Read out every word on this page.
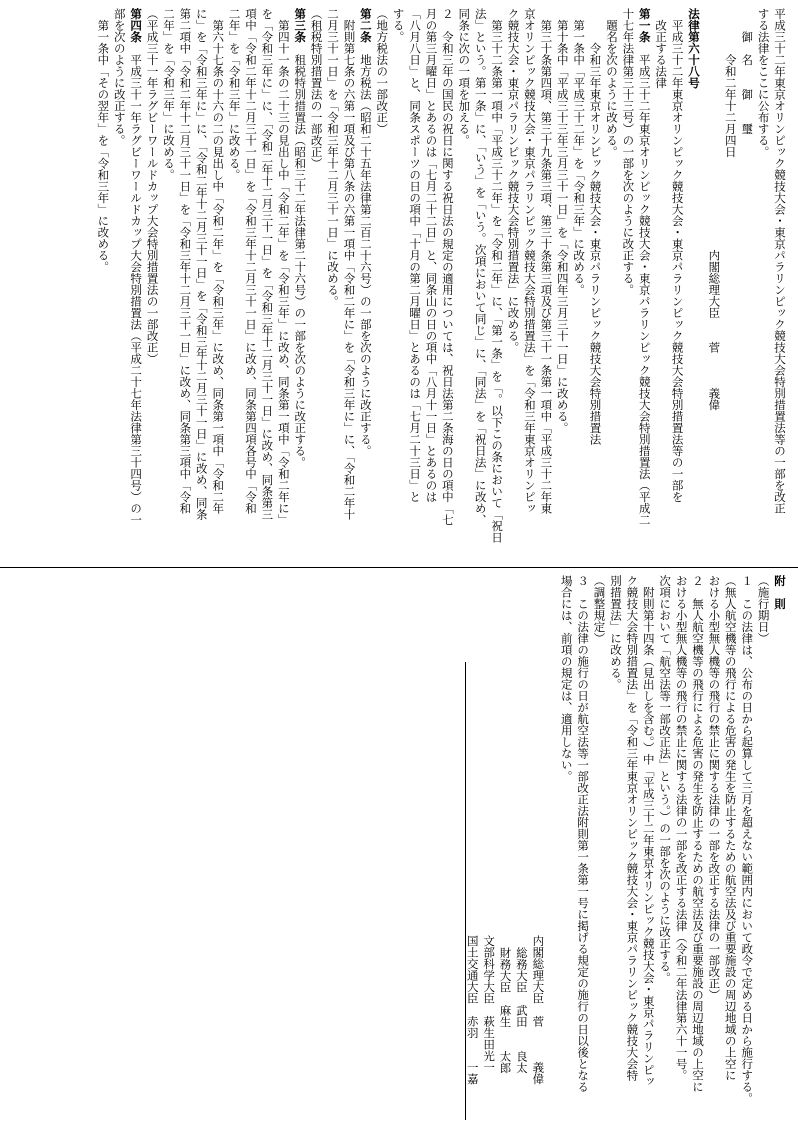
平成三十二年東京オリンピック競技大会・東京パラリンピック競技大会特別措置法等の一部を改正
する法律をここに公布する。
　　御　名　　御　　璽
　　　　令和二年十二月四日
　　　　　　　　　　　　　　　　　　　　　内閣総理大臣　　菅　　　義偉
法律第六十八号
　平成三十二年東京オリンピック競技大会・東京パラリンピック競技大会特別措置法等の一部を
　改正する法律
第一条　平成三十二年東京オリンピック競技大会・東京パラリンピック競技大会特別措置法（平成二
十七年法律第三十三号）の一部を次のように改正する。
　題名を次のように改める。
　　　令和三年東京オリンピック競技大会・東京パラリンピック競技大会特別措置法
　第一条中「平成三十二年」を「令和三年」に改める。
　第十条中「平成三十三年三月三十一日」を「令和四年三月三十一日」に改める。
　第三十条第四項、第三十九条第三項、第三十条第三項及び第三十一条第一項中「平成三十二年東
京オリンピック競技大会・東京パラリンピック競技大会特別措置法」を「令和三年東京オリンピッ
ク競技大会・東京パラリンピック競技大会特別措置法」に改める。
　第三十二条第一項中「平成三十二年」を「令和二年」に、「第一条」を「。以下この条において「祝日
法」という。第一条」に、「いう」を「いう。次項において同じ」に、「同法」を「祝日法」に改め、
同条に次の一項を加える。
２　令和三年の国民の祝日に関する祝日法の規定の適用については、祝日法第二条海の日の項中「七
月の第三月曜日」とあるのは「七月二十二日」と、同条山の日の項中「八月十一日」とあるのは
「八月八日」と、同条スポーツの日の項中「十月の第二月曜日」とあるのは「七月二十三日」と
する。
（地方税法の一部改正）
第二条　地方税法（昭和二十五年法律第二百二十六号）の一部を次のように改正する。
　附則第七条の六第一項及び第八条の六第一項中「令和二年に」を「令和三年に」に、「令和二年十
二月三十一日」を「令和三年十二月三十一日」に改める。
（租税特別措置法の一部改正）
第三条　租税特別措置法（昭和三十二年法律第二十六号）の一部を次のように改正する。
　第四十一条の二十三の見出し中「令和二年」を「令和三年」に改め、同条第一項中「令和二年に」
を「令和三年に」に、「令和二年十二月三十一日」を「令和三年十二月三十一日」に改め、同条第三
項中「令和二年十二月三十一日」を「令和三年十二月三十一日」に改め、同条第四項各号中「令和
二年」を「令和三年」に改める。
　第六十七条の十六の二の見出し中「令和二年」を「令和三年」に改め、同条第一項中「令和二年
に」を「令和三年に」に、「令和二年十二月三十一日」を「令和三年十二月三十一日」に改め、同条
第二項中「令和二年十二月三十一日」を「令和三年十二月三十一日」に改め、同条第三項中「令和
二年」を「令和三年」に改める。
（平成三十一年ラグビーワールドカップ大会特別措置法の一部改正）
第四条　平成三十一年ラグビーワールドカップ大会特別措置法（平成二十七年法律第三十四号）の一
部を次のように改正する。
　第一条中「その翌年」を「令和三年」に改める。
附　則
（施行期日）
１　この法律は、公布の日から起算して三月を超えない範囲内において政令で定める日から施行する。
（無人航空機等の飛行による危害の発生を防止するための航空法及び重要施設の周辺地域の上空に
おける小型無人機等の飛行の禁止に関する法律の一部を改正する法律の一部改正）
２　無人航空機等の飛行による危害の発生を防止するための航空法及び重要施設の周辺地域の上空に
おける小型無人機等の飛行の禁止に関する法律の一部を改正する法律（令和二年法律第六十一号。
次項において「航空法等一部改正法」という。）の一部を次のように改正する。
　附則第十四条（見出しを含む。）中「平成三十二年東京オリンピック競技大会・東京パラリンピッ
ク競技大会特別措置法」を「令和三年東京オリンピック競技大会・東京パラリンピック競技大会特
別措置法」に改める。
（調整規定）
３　この法律の施行の日が航空法等一部改正法附則第一条第一号に掲げる規定の施行の日以後となる
場合には、前項の規定は、適用しない。
内閣総理大臣　菅　　　義偉
総務大臣　武田　　良太
財務大臣　麻生　　太郎
文部科学大臣　萩生田光一
国土交通大臣　赤羽　　一嘉
